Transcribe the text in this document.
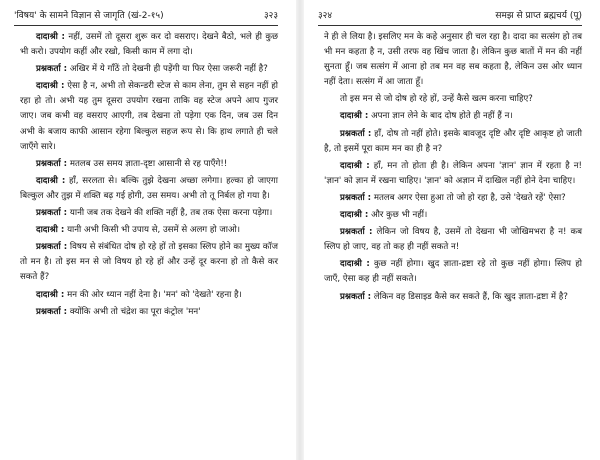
'विषय' के सामने विज्ञान से जागृति (खं-2-१५)	३२३

दादाश्री : नहीं, उसमें तो दूसरा शुरू कर दो वसराए। देखने बैठो, भले ही कुछ भी करो। उपयोग कहीं और रखो, किसी काम में लगा दो।

प्रश्नकर्ता : अखिर में ये गाँठें तो देखनी ही पड़ेंगी या फिर ऐसा जरूरी नहीं है?

दादाश्री : ऐसा है न, अभी तो सेकन्डरी स्टेज से काम लेना, तुम से सहन नहीं हो रहा हो तो। अभी यह तुम दूसरा उपयोग रखना ताकि वह स्टेज अपने आप गुजर जाए। जब कभी वह वसराए आएगी, तब देखना तो पड़ेगा एक दिन, जब उस दिन अभी के बजाय काफी आसान रहेगा बिल्कुल सहज रूप से। कि हाथ लगाते ही चले जाएँगे सारे।

प्रश्नकर्ता : मतलब उस समय ज्ञाता-दृष्टा आसानी से रह पाएँगे!!

दादाश्री : हाँ, सरलता से। बल्कि तुझे देखना अच्छा लगेगा। हल्का हो जाएगा बिल्कुल और तुझ में शक्ति बढ़ गई होगी, उस समय। अभी तो तू निर्बल हो गया है।

प्रश्नकर्ता : यानी जब तक देखने की शक्ति नहीं है, तब तक ऐसा करना पड़ेगा।

दादाश्री : यानी अभी किसी भी उपाय से, उसमें से अलग हो जाओ।

प्रश्नकर्ता : विषय से संबंधित दोष हो रहे हों तो इसका स्लिप होने का मुख्य कॉज तो मन है। तो इस मन से जो विषय हो रहे हों और उन्हें दूर करना हो तो कैसे कर सकते हैं?

दादाश्री : मन की ओर ध्यान नहीं देना है। 'मन' को 'देखते' रहना है।

प्रश्नकर्ता : क्योंकि अभी तो चंद्रेश का पूरा कंट्रोल 'मन'

३२४	समझ से प्राप्त ब्रह्मचर्य (पू)

ने ही ले लिया है। इसलिए मन के कहे अनुसार ही चल रहा है। दादा का सत्संग हो तब भी मन कहता है न, उसी तरफ वह खिंच जाता है। लेकिन कुछ बातों में मन की नहीं सुनता हूँ। जब सत्संग में आना हो तब मन वह सब कहता है, लेकिन उस ओर ध्यान नहीं देता। सत्संग में आ जाता हूँ।

तो इस मन से जो दोष हो रहे हों, उन्हें कैसे खत्म करना चाहिए?

दादाश्री : अपना ज्ञान लेने के बाद दोष होते ही नहीं हैं न।

प्रश्नकर्ता : हाँ, दोष तो नहीं होते। इसके बावजूद दृष्टि और दृष्टि आकृष्ट हो जाती है, तो इसमें पूरा काम मन का ही है न?

दादाश्री : हाँ, मन तो होता ही है। लेकिन अपना 'ज्ञान' ज्ञान में रहता है न! 'ज्ञान' को ज्ञान में रखना चाहिए। 'ज्ञान' को अज्ञान में दाखिल नहीं होने देना चाहिए।

प्रश्नकर्ता : मतलब अगर ऐसा हुआ तो जो हो रहा है, उसे 'देखते रहें' ऐसा?

दादाश्री : और कुछ भी नहीं।

प्रश्नकर्ता : लेकिन जो विषय है, उसमें तो देखना भी जोखिमभरा है न! कब स्लिप हो जाए, वह तो कह ही नहीं सकते न!

दादाश्री : कुछ नहीं होगा। खुद ज्ञाता-द्रष्टा रहे तो कुछ नहीं होगा। स्लिप हो जाएँ, ऐसा कह ही नहीं सकते।

प्रश्नकर्ता : लेकिन वह डिसाइड कैसे कर सकते हैं, कि खुद ज्ञाता-द्रष्टा में है?
